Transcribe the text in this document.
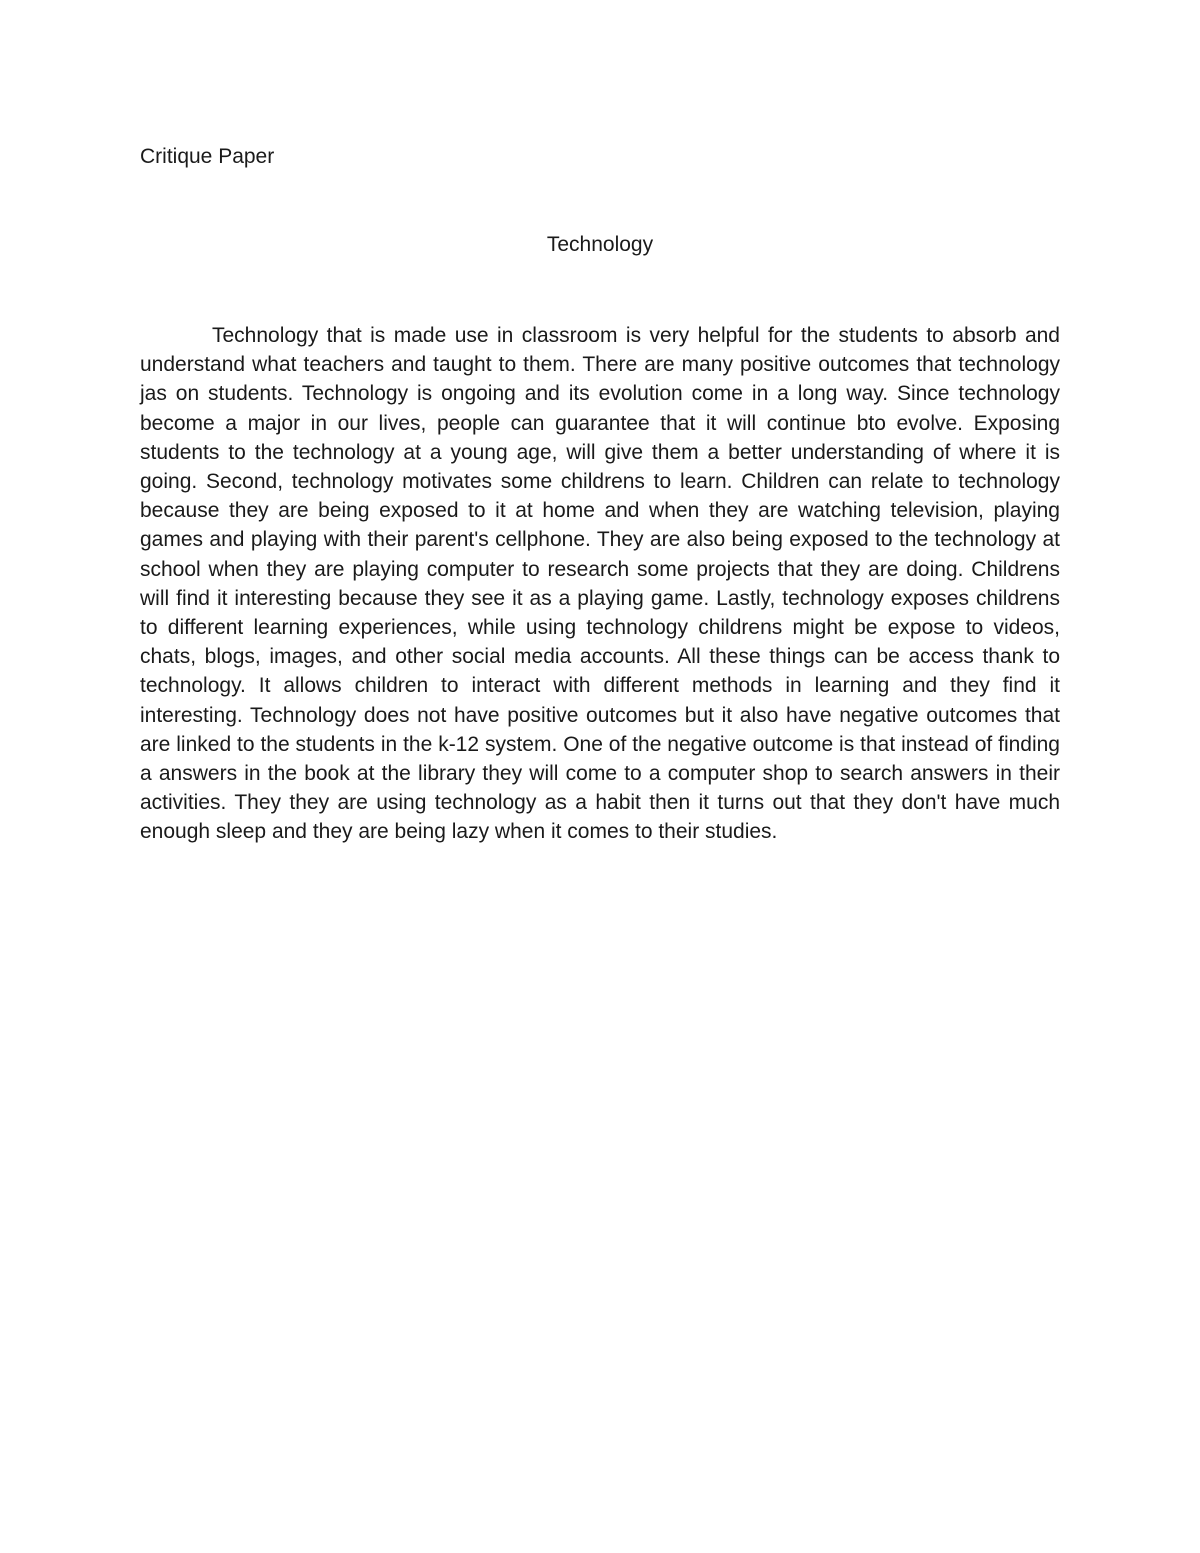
Critique Paper

Technology

Technology that is made use in classroom is very helpful for the students to absorb and understand what teachers and taught to them. There are many positive outcomes that technology jas on students. Technology is ongoing and its evolution come in a long way. Since technology become a major in our lives, people can guarantee that it will continue bto evolve. Exposing students to the technology at a young age, will give them a better understanding of where it is going. Second, technology motivates some childrens to learn. Children can relate to technology because they are being exposed to it at home and when they are watching television, playing games and playing with their parent's cellphone. They are also being exposed to the technology at school when they are playing computer to research some projects that they are doing. Childrens will find it interesting because they see it as a playing game. Lastly, technology exposes childrens to different learning experiences, while using technology childrens might be expose to videos, chats, blogs, images, and other social media accounts. All these things can be access thank to technology. It allows children to interact with different methods in learning and they find it interesting. Technology does not have positive outcomes but it also have negative outcomes that are linked to the students in the k-12 system. One of the negative outcome is that instead of finding a answers in the book at the library they will come to a computer shop to search answers in their activities. They they are using technology as a habit then it turns out that they don't have much enough sleep and they are being lazy when it comes to their studies.
